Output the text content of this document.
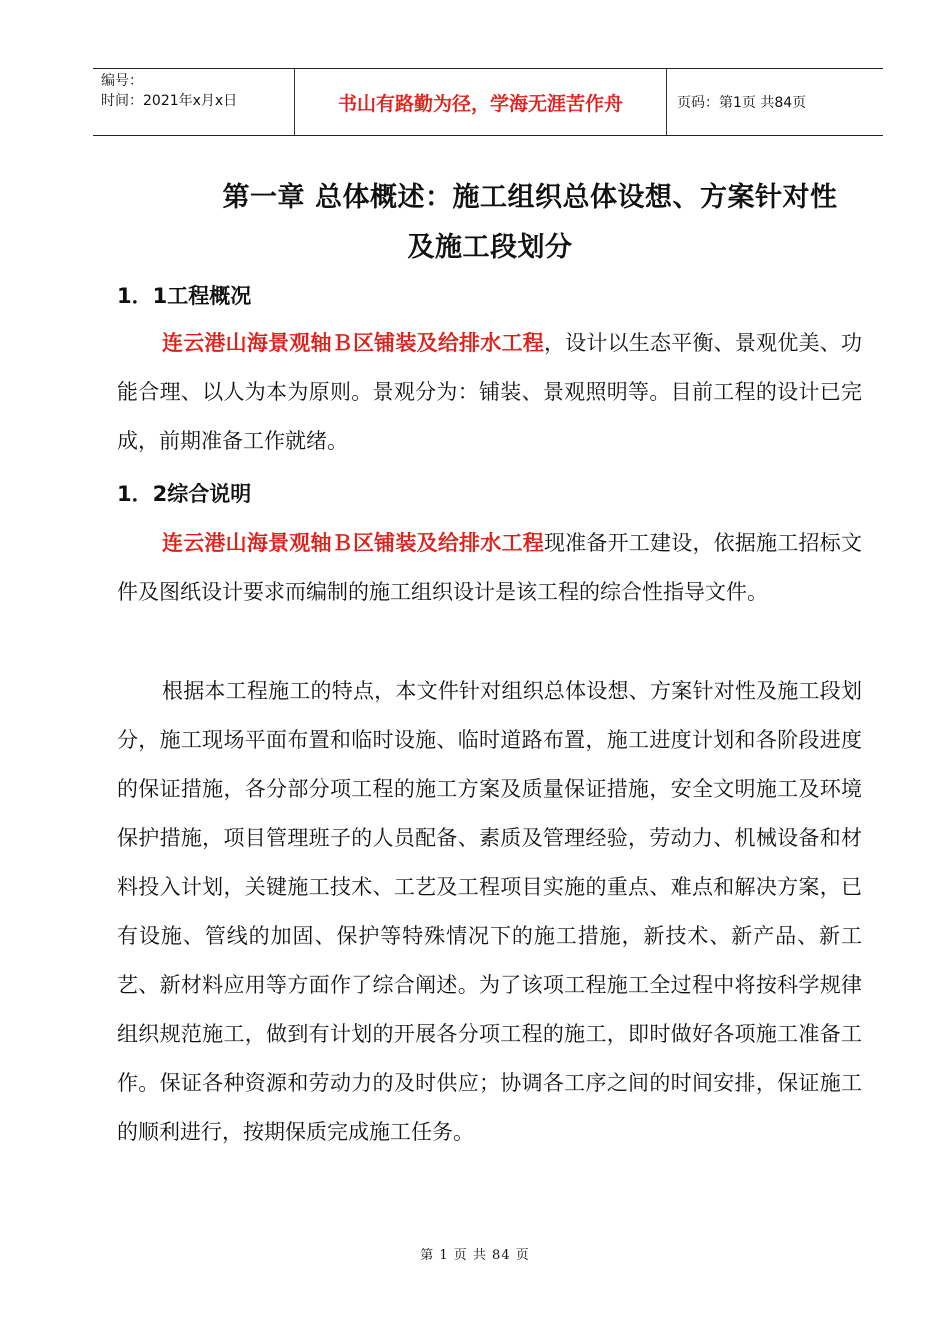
编号：
时间：2021年x月x日	书山有路勤为径，学海无涯苦作舟	页码：第1页 共84页
第一章 总体概述：施工组织总体设想、方案针对性
及施工段划分
1．1工程概况

连云港山海景观轴Ｂ区铺装及给排水工程，设计以生态平衡、景观优美、功能合理、以人为本为原则。景观分为：铺装、景观照明等。目前工程的设计已完成，前期准备工作就绪。

1．2综合说明

连云港山海景观轴Ｂ区铺装及给排水工程现准备开工建设，依据施工招标文件及图纸设计要求而编制的施工组织设计是该工程的综合性指导文件。

根据本工程施工的特点，本文件针对组织总体设想、方案针对性及施工段划分，施工现场平面布置和临时设施、临时道路布置，施工进度计划和各阶段进度的保证措施，各分部分项工程的施工方案及质量保证措施，安全文明施工及环境保护措施，项目管理班子的人员配备、素质及管理经验，劳动力、机械设备和材料投入计划，关键施工技术、工艺及工程项目实施的重点、难点和解决方案，已有设施、管线的加固、保护等特殊情况下的施工措施，新技术、新产品、新工艺、新材料应用等方面作了综合阐述。为了该项工程施工全过程中将按科学规律组织规范施工，做到有计划的开展各分项工程的施工，即时做好各项施工准备工作。保证各种资源和劳动力的及时供应；协调各工序之间的时间安排，保证施工的顺利进行，按期保质完成施工任务。

第 1 页 共 84 页
